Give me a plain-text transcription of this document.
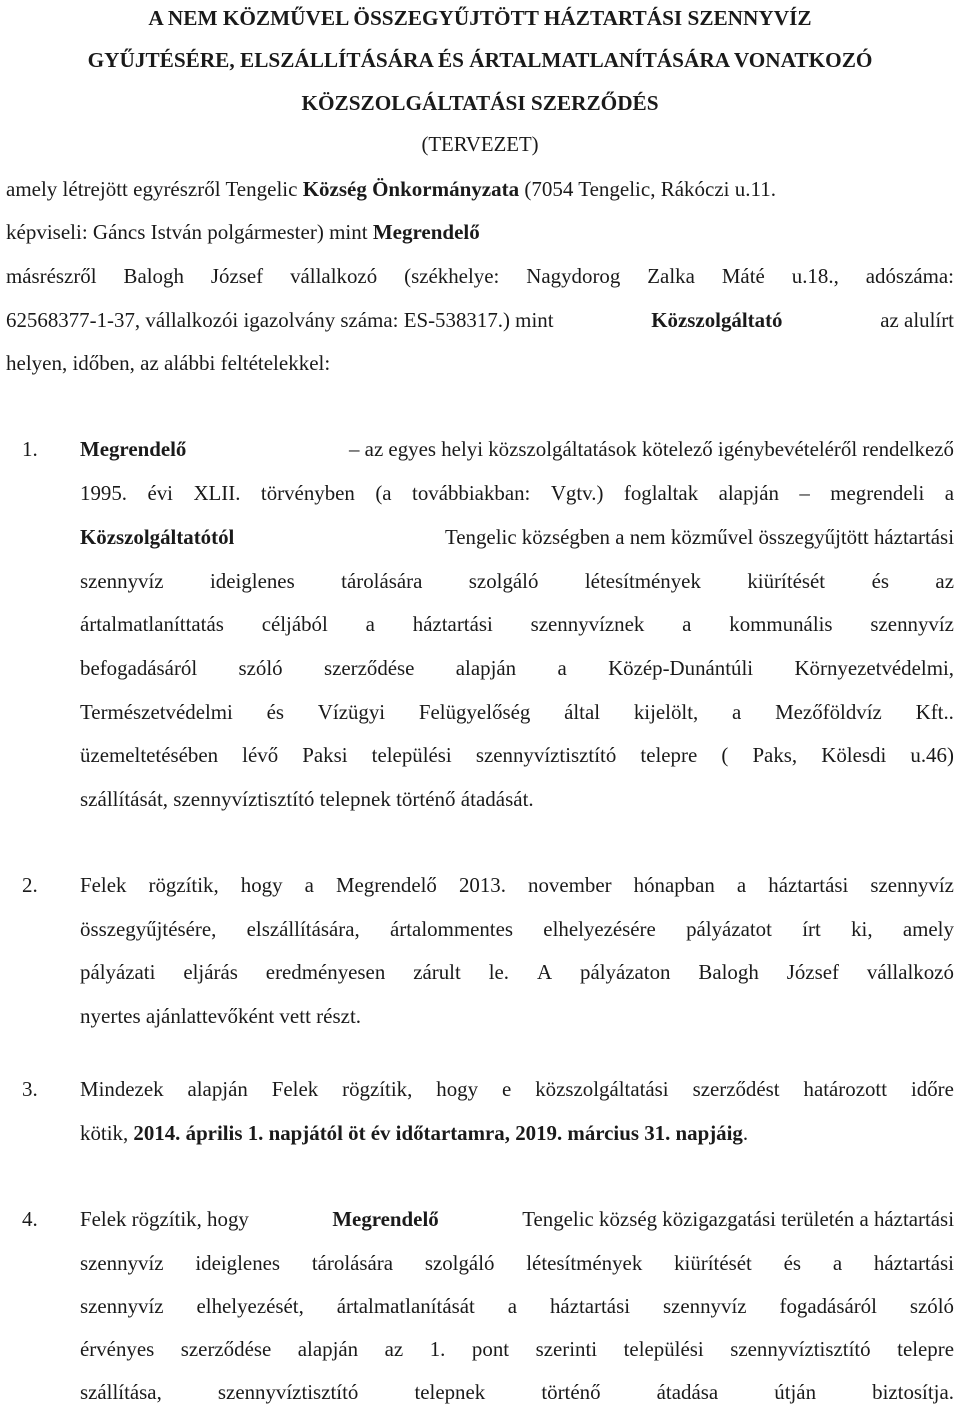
A NEM KÖZMŰVEL ÖSSZEGYŰJTÖTT HÁZTARTÁSI SZENNYVÍZ
GYŰJTÉSÉRE, ELSZÁLLÍTÁSÁRA ÉS ÁRTALMATLANÍTÁSÁRA VONATKOZÓ
KÖZSZOLGÁLTATÁSI SZERZŐDÉS
(TERVEZET)
amely létrejött egyrészről Tengelic Község Önkormányzata (7054 Tengelic, Rákóczi u.11.
képviseli: Gáncs István polgármester) mint Megrendelő
másrészről Balogh József vállalkozó (székhelye: Nagydorog Zalka Máté u.18., adószáma:
62568377-1-37, vállalkozói igazolvány száma: ES-538317.) mint	Közszolgáltató	az alulírt
helyen, időben, az alábbi feltételekkel:
1. Megrendelő	– az egyes helyi közszolgáltatások kötelező igénybevételéről rendelkező
1995. évi XLII. törvényben (a továbbiakban: Vgtv.) foglaltak alapján – megrendeli a
Közszolgáltatótól	Tengelic községben a nem közművel összegyűjtött háztartási
szennyvíz ideiglenes tárolására szolgáló létesítmények kiürítését és az
ártalmatlaníttatás céljából a háztartási szennyvíznek a kommunális szennyvíz
befogadásáról szóló szerződése alapján a Közép-Dunántúli Környezetvédelmi,
Természetvédelmi és Vízügyi Felügyelőség által kijelölt, a Mezőföldvíz Kft..
üzemeltetésében lévő Paksi települési szennyvíztisztító telepre ( Paks, Kölesdi u.46)
szállítását, szennyvíztisztító telepnek történő átadását.
2. Felek rögzítik, hogy a Megrendelő 2013. november hónapban a háztartási szennyvíz
összegyűjtésére, elszállítására, ártalommentes elhelyezésére pályázatot írt ki, amely
pályázati eljárás eredményesen zárult le. A pályázaton Balogh József vállalkozó
nyertes ajánlattevőként vett részt.
3. Mindezek alapján Felek rögzítik, hogy e közszolgáltatási szerződést határozott időre
kötik, 2014. április 1. napjától öt év időtartamra, 2019. március 31. napjáig.
4. Felek rögzítik, hogy	Megrendelő	Tengelic község közigazgatási területén a háztartási
szennyvíz ideiglenes tárolására szolgáló létesítmények kiürítését és a háztartási
szennyvíz elhelyezését, ártalmatlanítását a háztartási szennyvíz fogadásáról szóló
érvényes szerződése alapján az 1. pont szerinti települési szennyvíztisztító telepre
szállítása,	szennyvíztisztító	telepnek	történő	átadása	útján	biztosítja.
